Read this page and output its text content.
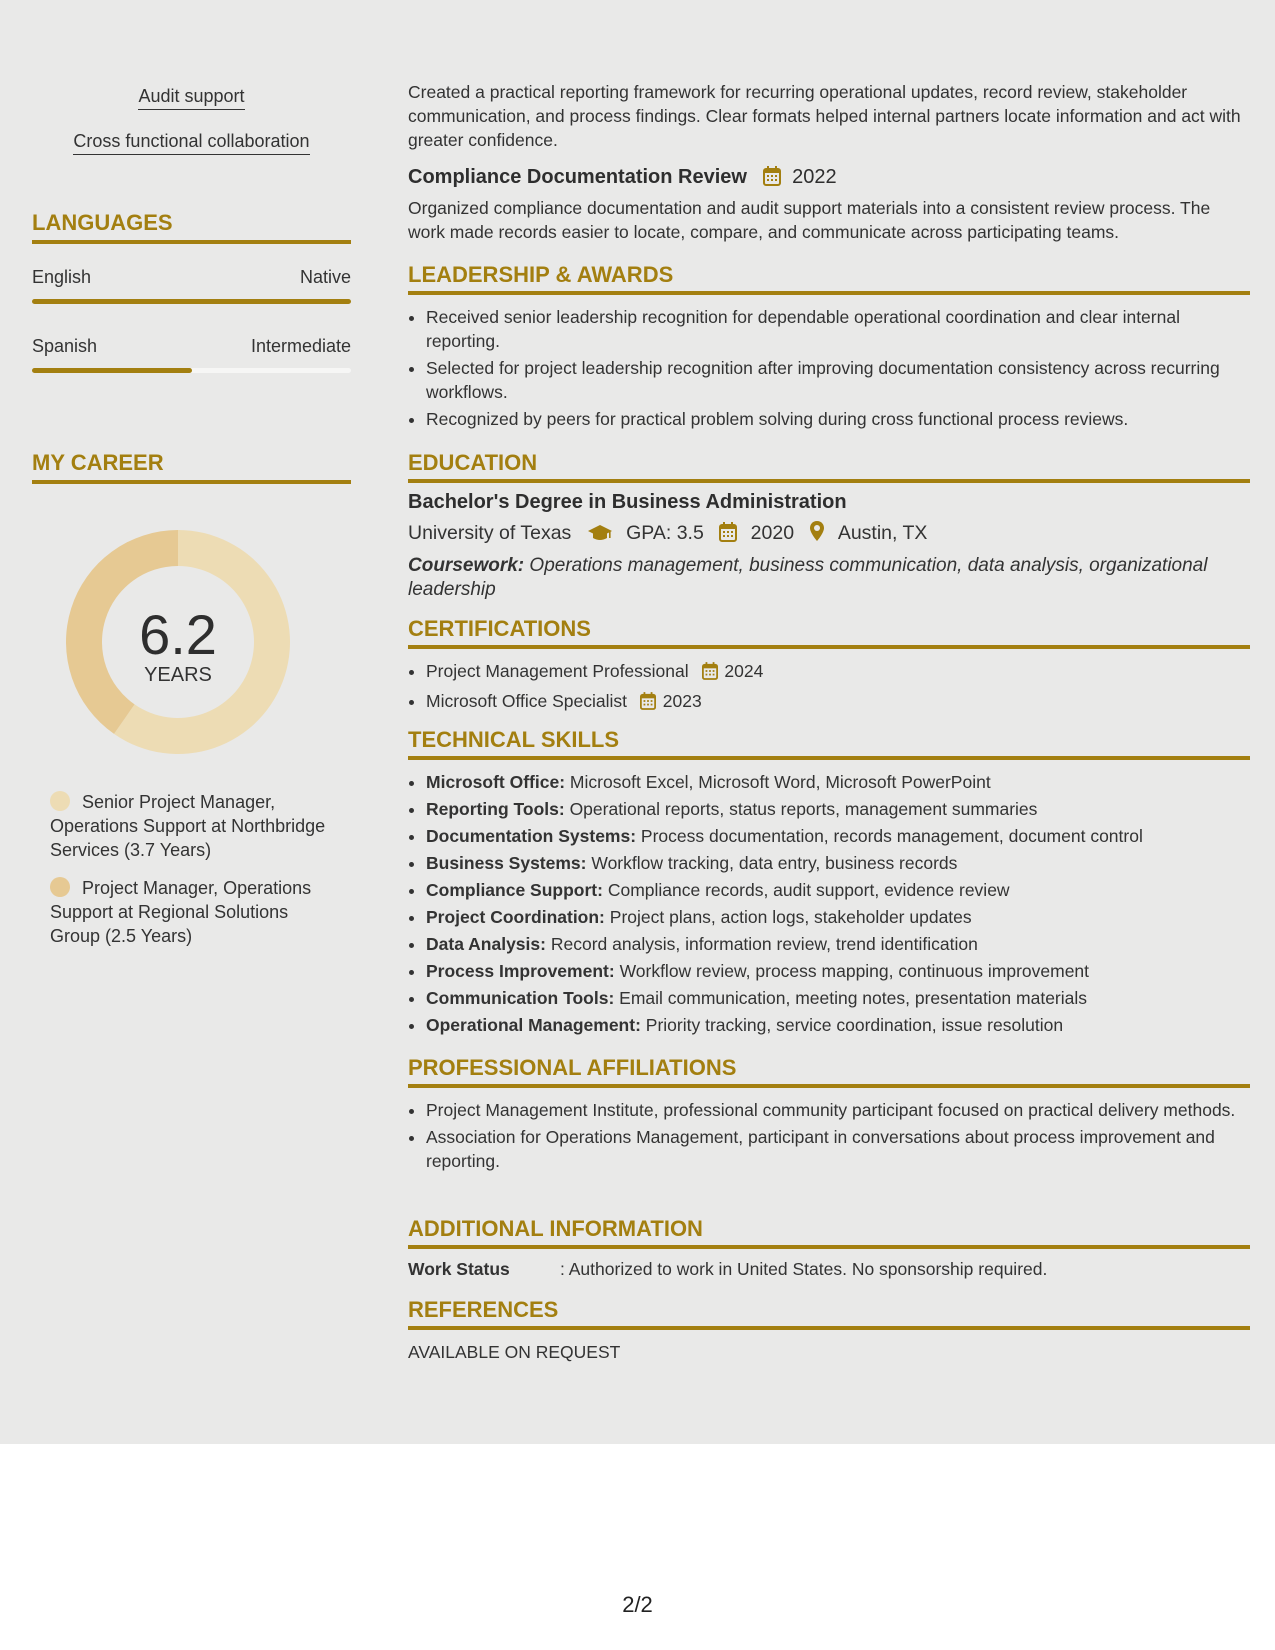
Audit support
Cross functional collaboration
LANGUAGES
English	Native
Spanish	Intermediate
MY CAREER
6.2
YEARS
Senior Project Manager, Operations Support at Northbridge Services (3.7 Years)
Project Manager, Operations Support at Regional Solutions Group (2.5 Years)

Created a practical reporting framework for recurring operational updates, record review, stakeholder communication, and process findings. Clear formats helped internal partners locate information and act with greater confidence.

Compliance Documentation Review 2022

Organized compliance documentation and audit support materials into a consistent review process. The work made records easier to locate, compare, and communicate across participating teams.

LEADERSHIP & AWARDS
• Received senior leadership recognition for dependable operational coordination and clear internal reporting.
• Selected for project leadership recognition after improving documentation consistency across recurring workflows.
• Recognized by peers for practical problem solving during cross functional process reviews.
EDUCATION
Bachelor's Degree in Business Administration
University of Texas	GPA: 3.5 2020 Austin, TX
Coursework: Operations management, business communication, data analysis, organizational leadership
CERTIFICATIONS
• Project Management Professional 2024
• Microsoft Office Specialist 2023
TECHNICAL SKILLS
• Microsoft Office: Microsoft Excel, Microsoft Word, Microsoft PowerPoint
• Reporting Tools: Operational reports, status reports, management summaries
• Documentation Systems: Process documentation, records management, document control
• Business Systems: Workflow tracking, data entry, business records
• Compliance Support: Compliance records, audit support, evidence review
• Project Coordination: Project plans, action logs, stakeholder updates
• Data Analysis: Record analysis, information review, trend identification
• Process Improvement: Workflow review, process mapping, continuous improvement
• Communication Tools: Email communication, meeting notes, presentation materials
• Operational Management: Priority tracking, service coordination, issue resolution
PROFESSIONAL AFFILIATIONS
• Project Management Institute, professional community participant focused on practical delivery methods.
• Association for Operations Management, participant in conversations about process improvement and reporting.
ADDITIONAL INFORMATION
Work Status	: Authorized to work in United States. No sponsorship required.
REFERENCES
AVAILABLE ON REQUEST
2/2
